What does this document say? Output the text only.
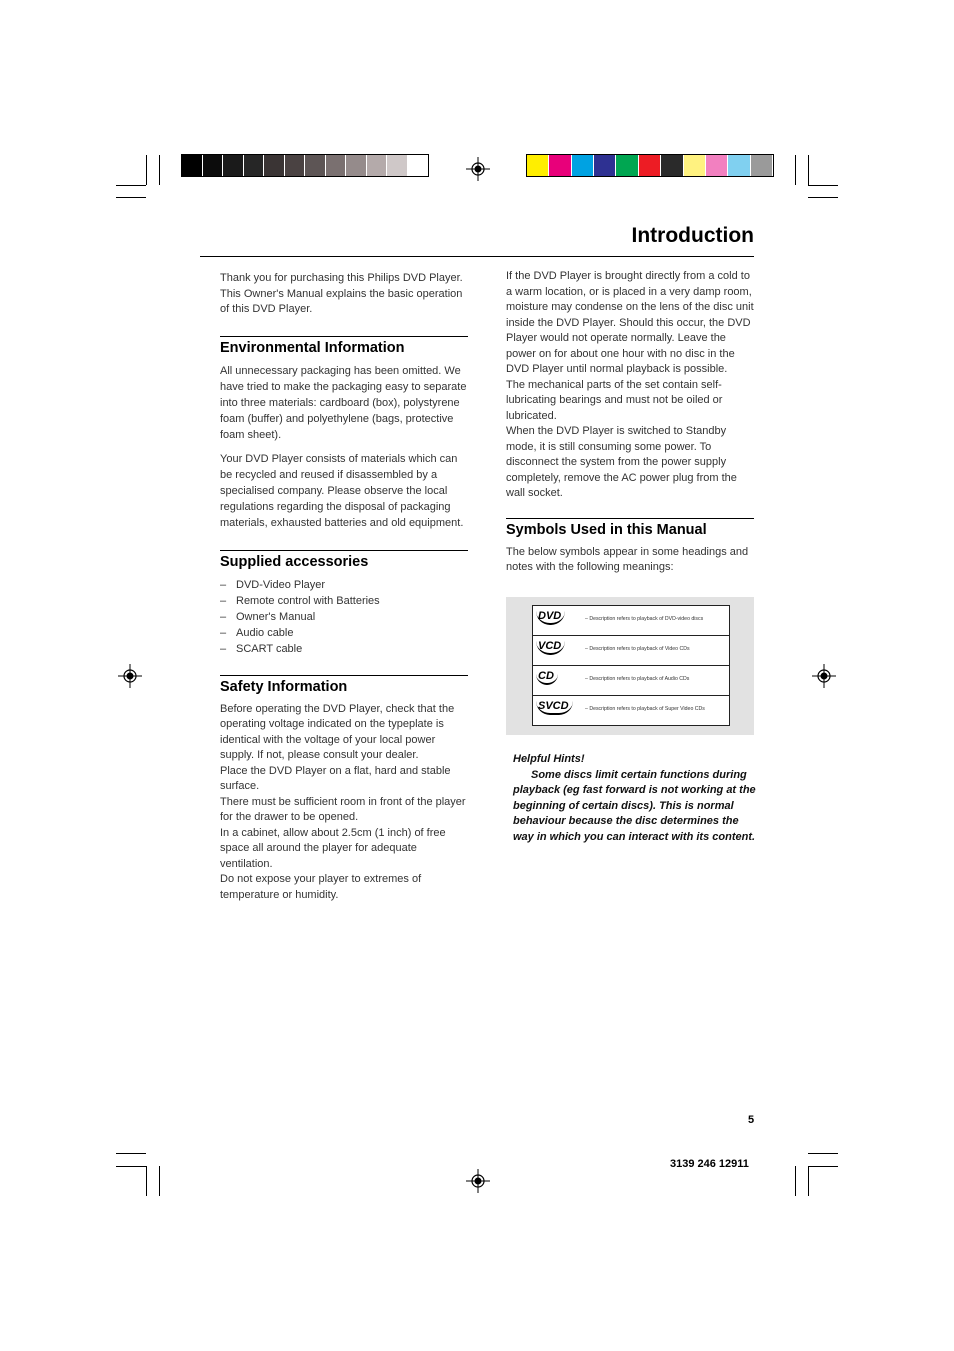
Introduction

Thank you for purchasing this Philips DVD Player. This Owner's Manual explains the basic operation of this DVD Player.

Environmental Information

All unnecessary packaging has been omitted. We have tried to make the packaging easy to separate into three materials: cardboard (box), polystyrene foam (buffer) and polyethylene (bags, protective foam sheet).

Your DVD Player consists of materials which can be recycled and reused if disassembled by a specialised company. Please observe the local regulations regarding the disposal of packaging materials, exhausted batteries and old equipment.

Supplied accessories
– DVD-Video Player
– Remote control with Batteries
– Owner's Manual
– Audio cable
– SCART cable
Safety Information

Before operating the DVD Player, check that the operating voltage indicated on the typeplate is identical with the voltage of your local power supply. If not, please consult your dealer.

Place the DVD Player on a flat, hard and stable surface.

There must be sufficient room in front of the player for the drawer to be opened.

In a cabinet, allow about 2.5cm (1 inch) of free space all around the player for adequate ventilation.

Do not expose your player to extremes of temperature or humidity.

If the DVD Player is brought directly from a cold to a warm location, or is placed in a very damp room, moisture may condense on the lens of the disc unit inside the DVD Player. Should this occur, the DVD Player would not operate normally. Leave the power on for about one hour with no disc in the DVD Player until normal playback is possible.

The mechanical parts of the set contain self-lubricating bearings and must not be oiled or lubricated.

When the DVD Player is switched to Standby mode, it is still consuming some power. To disconnect the system from the power supply completely, remove the AC power plug from the wall socket.

Symbols Used in this Manual

The below symbols appear in some headings and notes with the following meanings:

DVD	– Description refers to playback of DVD-video discs
VCD	– Description refers to playback of Video CDs
CD	– Description refers to playback of Audio CDs
SVCD	– Description refers to playback of Super Video CDs
Helpful Hints!
Some discs limit certain functions during playback (eg fast forward is not working at the beginning of certain discs). This is normal behaviour because the disc determines the way in which you can interact with its content.
5
3139 246 12911
